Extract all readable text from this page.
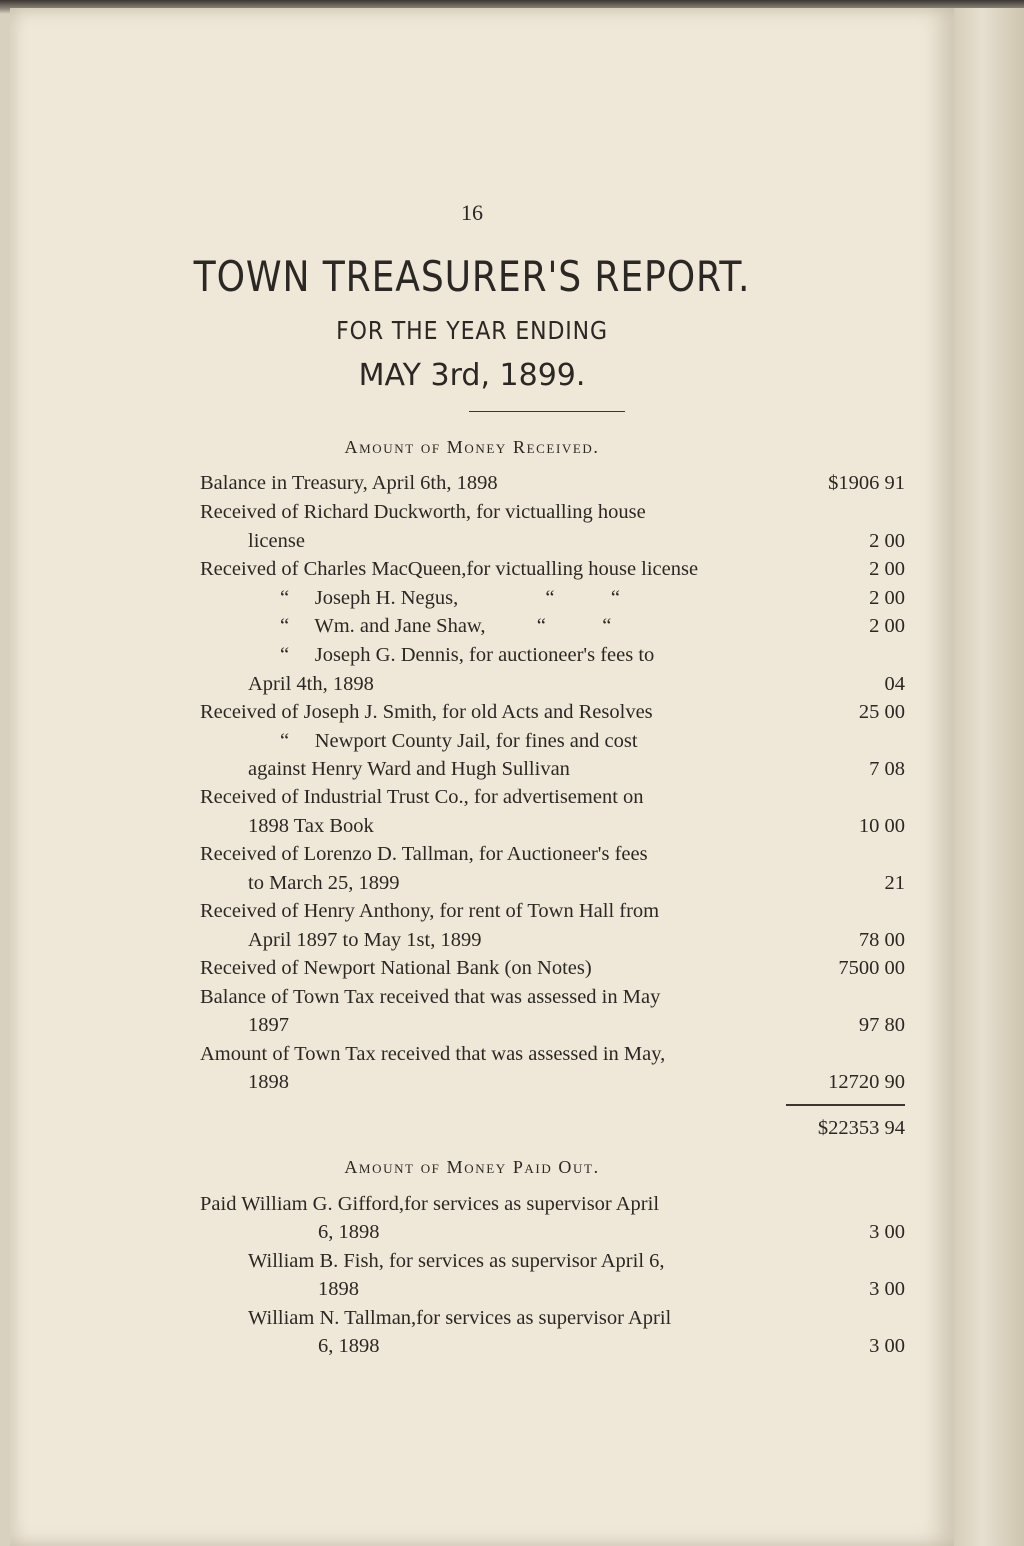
16
TOWN TREASURER'S REPORT.
FOR THE YEAR ENDING
MAY 3rd, 1899.
Amount of Money Received.
Balance in Treasury, April 6th, 1898	$1906 91
Received of Richard Duckworth, for victualling house
license	2 00
Received of Charles MacQueen,for victualling house license	2 00
“     Joseph H. Negus,                 “           “	2 00
“     Wm. and Jane Shaw,          “           “	2 00
“     Joseph G. Dennis, for auctioneer's fees to
April 4th, 1898	04
Received of Joseph J. Smith, for old Acts and Resolves	25 00
“     Newport County Jail, for fines and cost
against Henry Ward and Hugh Sullivan	7 08
Received of Industrial Trust Co., for advertisement on
1898 Tax Book	10 00
Received of Lorenzo D. Tallman, for Auctioneer's fees
to March 25, 1899	21
Received of Henry Anthony, for rent of Town Hall from
April 1897 to May 1st, 1899	78 00
Received of Newport National Bank (on Notes)	7500 00
Balance of Town Tax received that was assessed in May
1897	97 80
Amount of Town Tax received that was assessed in May,
1898	12720 90
$22353 94
Amount of Money Paid Out.
Paid William G. Gifford,for services as supervisor April
6, 1898	3 00
William B. Fish, for services as supervisor April 6,
1898	3 00
William N. Tallman,for services as supervisor April
6, 1898	3 00
